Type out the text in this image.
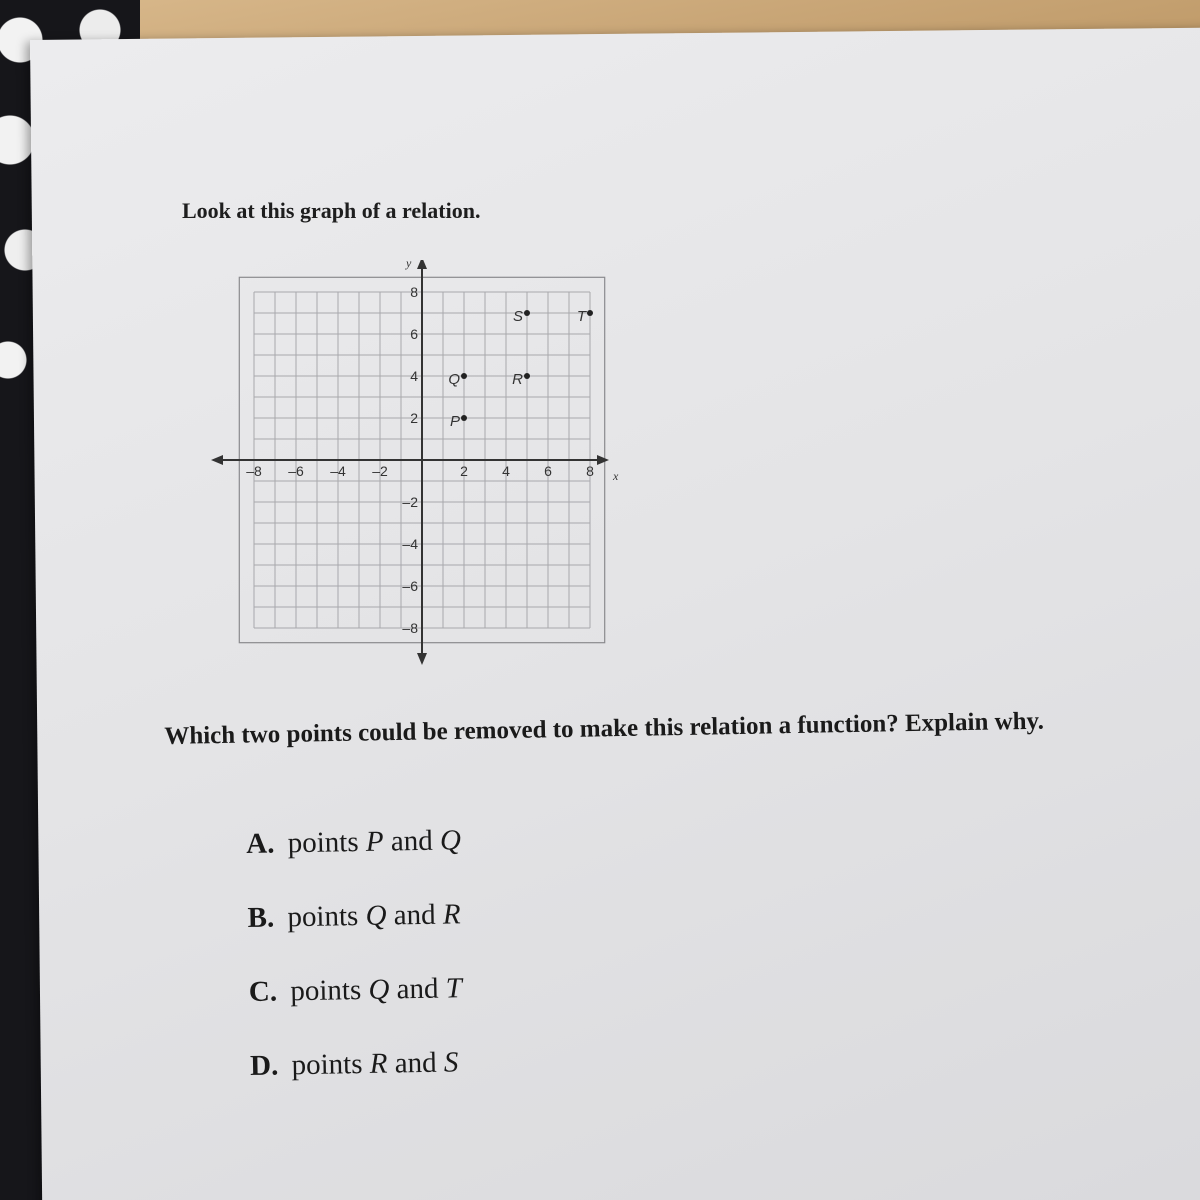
Look at this graph of a relation.
x
y
–8 –6 –4 –2	2 4 6 8
8
6
4
2
–2
–4
–6
–8
P
Q	R
S	T
Which two points could be removed to make this relation a function? Explain why.
A. points P and Q
B. points Q and R
C. points Q and T
D. points R and S
